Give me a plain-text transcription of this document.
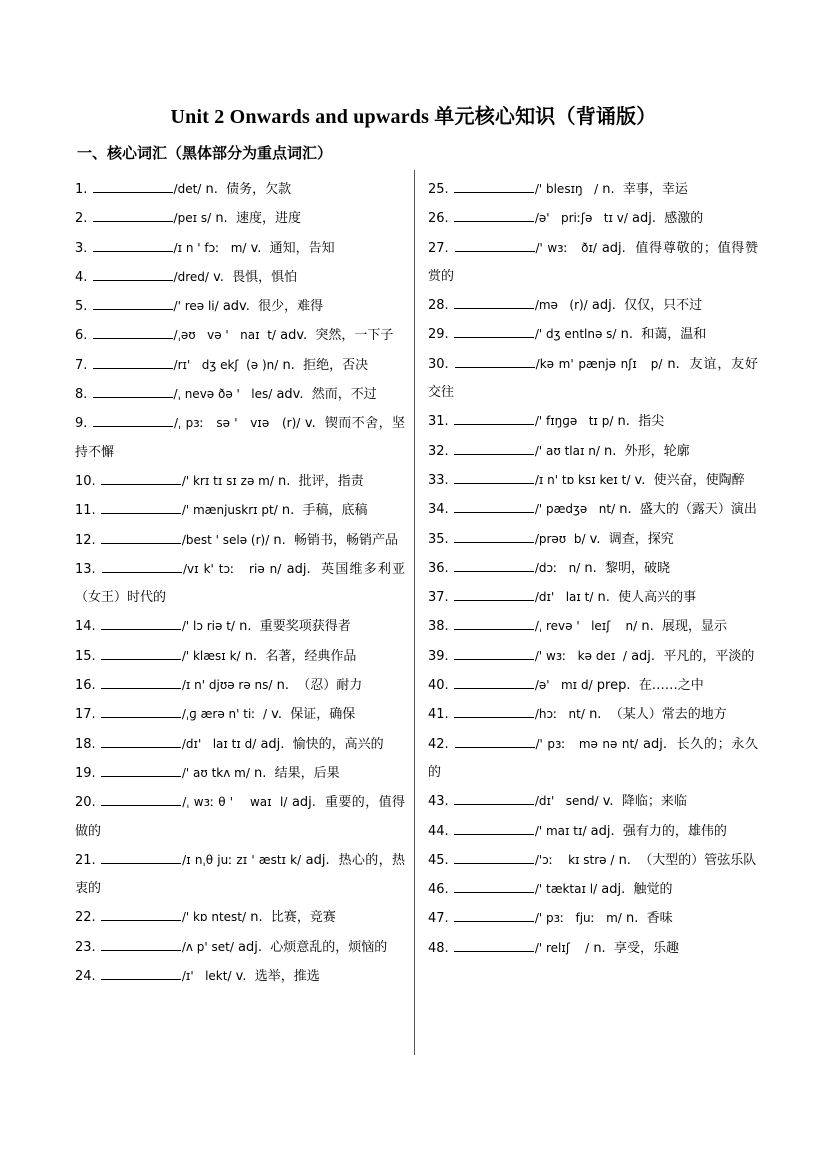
Unit 2 Onwards and upwards 单元核心知识（背诵版）
一、核心词汇（黑体部分为重点词汇）
1.	/det/ n.  债务，欠款
2.	/peɪ s/ n.  速度，进度
3.	/ɪ n ' fɔː   m/ v.  通知，告知
4.	/dred/ v.  畏惧，惧怕
5.	/' reə li/ adv.  很少，难得
6.	/ˌəʊ   və '   naɪ  t/ adv.  突然，一下子
7.	/rɪ'   dʒ ekʃ  (ə )n/ n.  拒绝，否决
8.	/ˌ nevə ðə '   les/ adv.  然而，不过
9.	/ˌ pɜː   sə '   vɪə   (r)/ v.  锲而不舍，坚持不懈
10.	/' krɪ tɪ sɪ zə m/ n.  批评，指责
11.	/' mænjuskrɪ pt/ n.  手稿，底稿
12.	/best ' selə (r)/ n.  畅销书，畅销产品
13.	/vɪ k' tɔː   riə n/ adj.  英国维多利亚（女王）时代的
14.	/' lɔ riə t/ n.  重要奖项获得者
15.	/' klæsɪ k/ n.  名著，经典作品
16.	/ɪ n' djʊə rə ns/ n.  （忍）耐力
17.	/ˌɡ ærə n' tiː  / v.  保证，确保
18.	/dɪ'   laɪ tɪ d/ adj.  愉快的，高兴的
19.	/' aʊ tkʌ m/ n.  结果，后果
20.	/ˌ wɜː θ '    waɪ  l/ adj.  重要的，值得做的
21.	/ɪ nˌθ juː zɪ ' æstɪ k/ adj.  热心的，热衷的
22.	/' kɒ ntest/ n.  比赛，竞赛
23.	/ʌ p' set/ adj.  心烦意乱的，烦恼的
24.	/ɪ'   lekt/ v.  选举，推选
25.	/' blesɪŋ   / n.  幸事，幸运
26.	/ə'   priːʃə   tɪ v/ adj.  感激的
27.	/' wɜː   ðɪ/ adj.  值得尊敬的；值得赞赏的
28.	/mə   (r)/ adj.  仅仅，只不过
29.	/' dʒ entlnə s/ n.  和蔼，温和
30.	/kə m' pænjə nʃɪ   p/ n.  友谊，友好交往
31.	/' fɪŋɡə   tɪ p/ n.  指尖
32.	/' aʊ tlaɪ n/ n.  外形，轮廓
33.	/ɪ n' tɒ ksɪ keɪ t/ v.  使兴奋，使陶醉
34.	/' pædʒə   nt/ n.  盛大的（露天）演出
35.	/prəʊ  b/ v.  调查，探究
36.	/dɔː   n/ n.  黎明，破晓
37.	/dɪ'   laɪ t/ n.  使人高兴的事
38.	/ˌ revə '   leɪʃ    n/ n.  展现，显示
39.	/' wɜː   kə deɪ  / adj.  平凡的，平淡的
40.	/ə'   mɪ d/ prep.  在……之中
41.	/hɔː   nt/ n.  （某人）常去的地方
42.	/' pɜː   mə nə nt/ adj.  长久的；永久的
43.	/dɪ'   send/ v.  降临；来临
44.	/' maɪ tɪ/ adj.  强有力的，雄伟的
45.	/'ɔː    kɪ strə / n.  （大型的）管弦乐队
46.	/' tæktaɪ l/ adj.  触觉的
47.	/' pɜː   fjuː   m/ n.  香味
48.	/' relɪʃ    / n.  享受，乐趣
